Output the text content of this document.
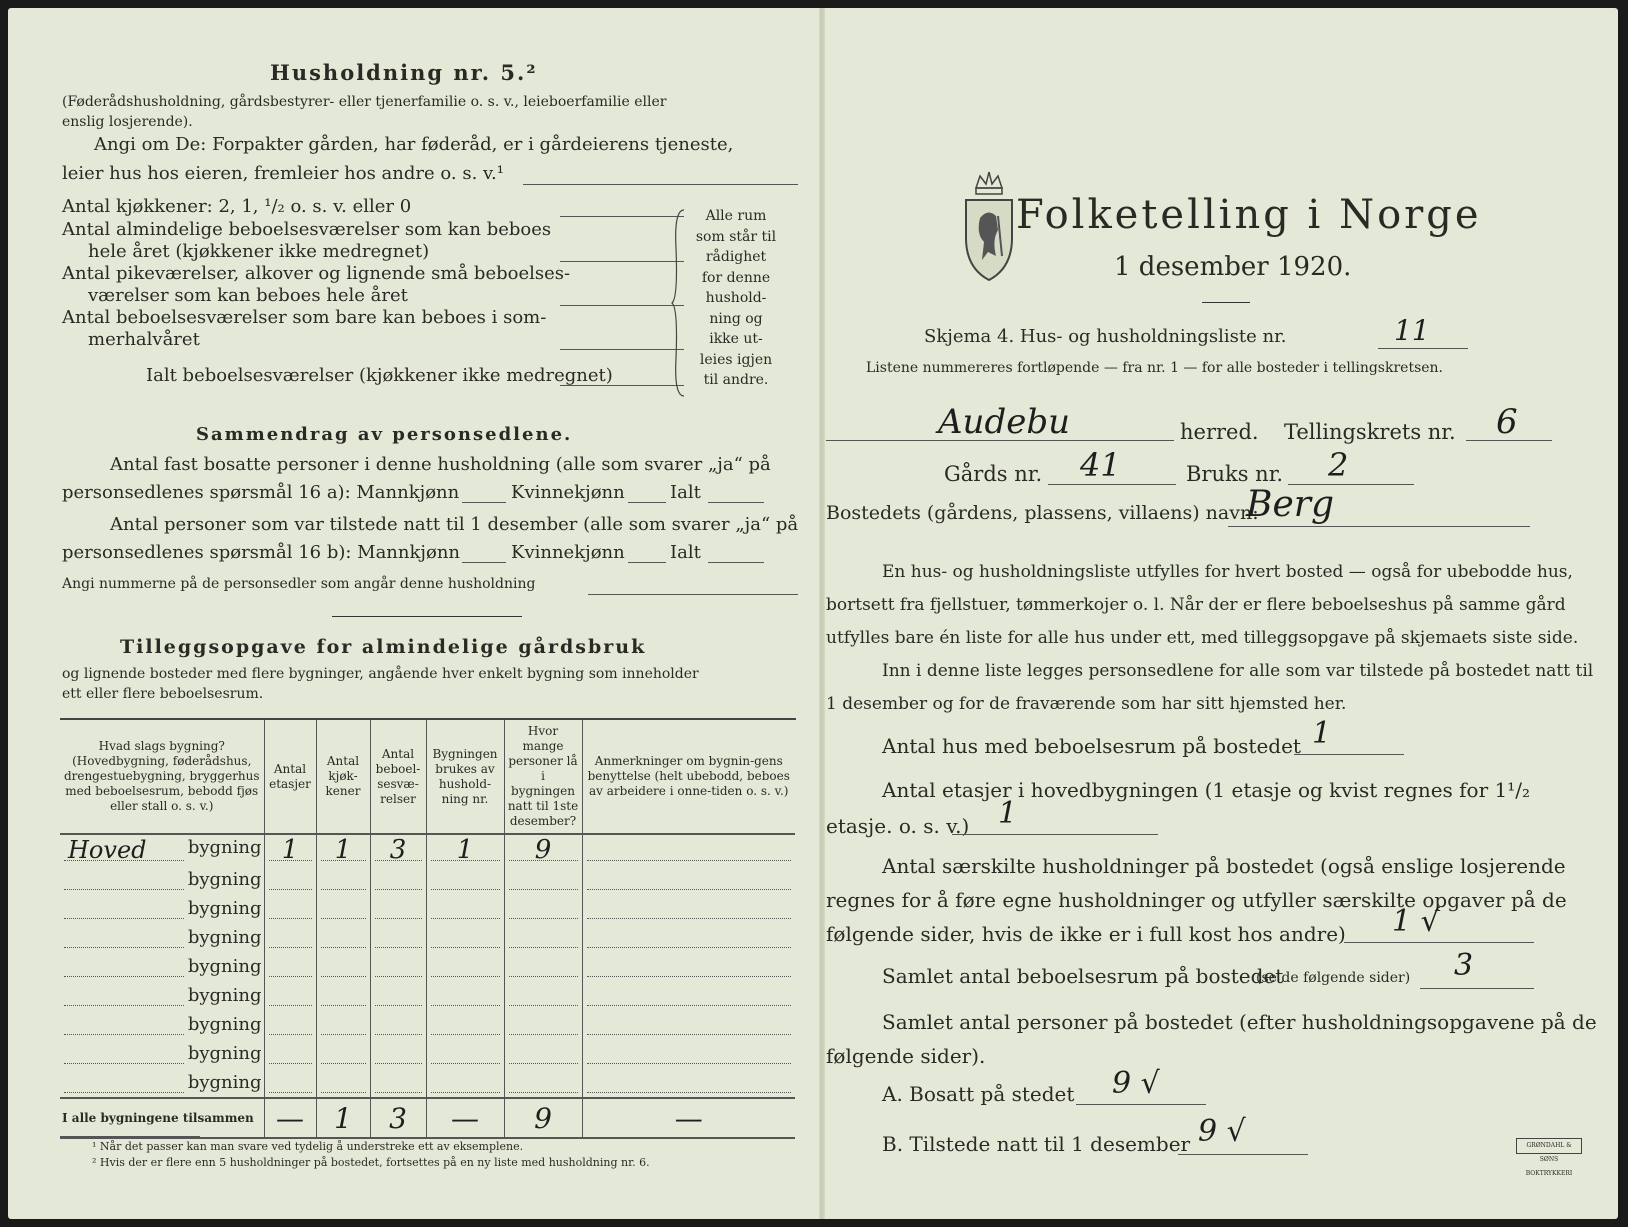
Husholdning nr. 5.²
(Føderådshusholdning, gårdsbestyrer- eller tjenerfamilie o. s. v., leieboerfamilie eller
enslig losjerende).
Angi om De: Forpakter gården, har føderåd, er i gårdeierens tjeneste,
leier hus hos eieren, fremleier hos andre o. s. v.¹
Antal kjøkkener: 2, 1, ¹/₂ o. s. v. eller 0
Antal almindelige beboelsesværelser som kan beboes
hele året (kjøkkener ikke medregnet)
Antal pikeværelser, alkover og lignende små beboelses-
værelser som kan beboes hele året
Antal beboelsesværelser som bare kan beboes i som-
merhalvåret
Ialt beboelsesværelser (kjøkkener ikke medregnet)
Alle rum
som står til
rådighet
for denne
hushold-
ning og
ikke ut-
leies igjen
til andre.
Sammendrag av personsedlene.
Antal fast bosatte personer i denne husholdning (alle som svarer „ja“ på
personsedlenes spørsmål 16 a): Mannkjønn	Kvinnekjønn	Ialt
Antal personer som var tilstede natt til 1 desember (alle som svarer „ja“ på
personsedlenes spørsmål 16 b): Mannkjønn	Kvinnekjønn	Ialt
Angi nummerne på de personsedler som angår denne husholdning
Tilleggsopgave for almindelige gårdsbruk
og lignende bosteder med flere bygninger, angående hver enkelt bygning som inneholder
ett eller flere beboelsesrum.
Hvad slags bygning? (Hovedbygning, føderådshus, drengestuebygning, bryggerhus med beboelsesrum, bebodd fjøs eller stall o. s. v.)	Antal etasjer	Antal kjøk-kener	Antal beboel-sesvæ-relser	Bygningen brukes av hushold-ning nr.	Hvor mange personer lå i bygningen natt til 1ste desember?	Anmerkninger om bygnin-gens benyttelse (helt ubebodd, beboes av arbeidere i onne-tiden o. s. v.)

Hoved bygning	1	1	3	1	9

bygning

bygning

bygning

bygning

bygning

bygning

bygning

bygning

I alle bygningene tilsammen	—	1	3	—	9	—
¹ Når det passer kan man svare ved tydelig å understreke ett av eksemplene.
² Hvis der er flere enn 5 husholdninger på bostedet, fortsettes på en ny liste med husholdning nr. 6.
Folketelling i Norge
1 desember 1920.
Skjema 4. Hus- og husholdningsliste nr.	11
Listene nummereres fortløpende — fra nr. 1 — for alle bosteder i tellingskretsen.
Audebu	herred. Tellingskrets nr. 6
Gårds nr. 41	Bruks nr. 2
Bostedets (gårdens, plassens, villaens) navn:
Berg
En hus- og husholdningsliste utfylles for hvert bosted — også for ubebodde hus,
bortsett fra fjellstuer, tømmerkojer o. l. Når der er flere beboelseshus på samme gård
utfylles bare én liste for alle hus under ett, med tilleggsopgave på skjemaets siste side.
Inn i denne liste legges personsedlene for alle som var tilstede på bostedet natt til
1 desember og for de fraværende som har sitt hjemsted her.
Antal hus med beboelsesrum på bostedet 1
Antal etasjer i hovedbygningen (1 etasje og kvist regnes for 1¹/₂
etasje. o. s. v.) 1
Antal særskilte husholdninger på bostedet (også enslige losjerende
regnes for å føre egne husholdninger og utfyller særskilte opgaver på de
følgende sider, hvis de ikke er i full kost hos andre) 1 √
Samlet antal beboelsesrum på bostedet
(se de følgende sider) 3
Samlet antal personer på bostedet (efter husholdningsopgavene på de
følgende sider).
A. Bosatt på stedet 9 √
B. Tilstede natt til 1 desember 9 √	GRØNDAHL & SØNS BOKTRYKKERI
